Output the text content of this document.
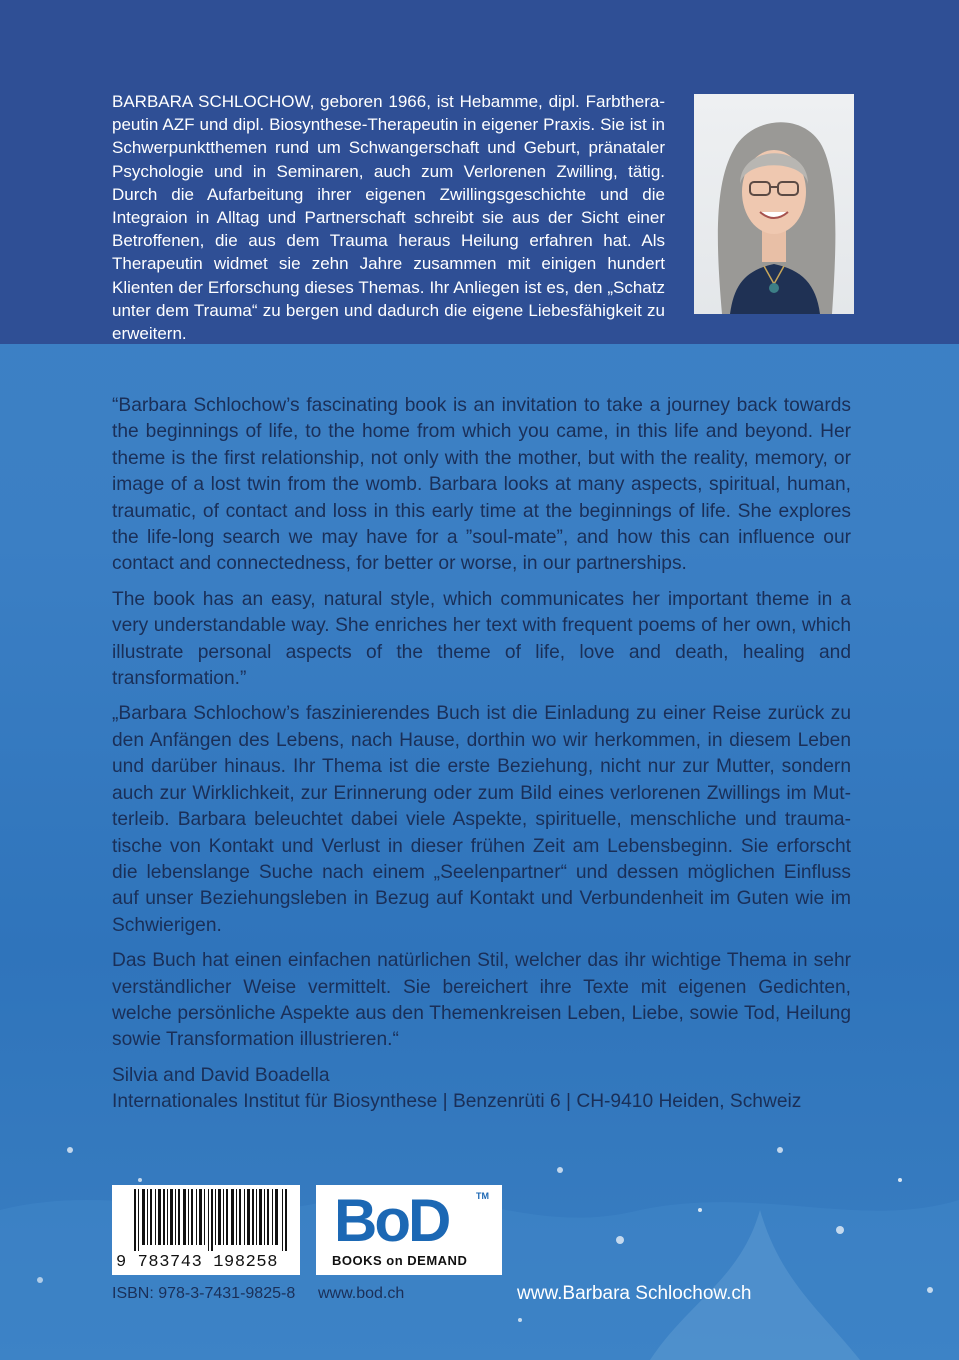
BARBARA SCHLOCHOW, geboren 1966, ist Hebamme, dipl. Farbtherapeutin AZF und dipl. Biosynthese-Therapeutin in eigener Praxis. Sie ist in Schwerpunktthemen rund um Schwangerschaft und Geburt, pränataler Psychologie und in Seminaren, auch zum Verlorenen Zwilling, tätig. Durch die Aufarbeitung ihrer eigenen Zwillingsgeschichte und die Integraion in Alltag und Partnerschaft schreibt sie aus der Sicht einer Betroffenen, die aus dem Trauma heraus Heilung erfahren hat. Als Therapeutin widmet sie zehn Jahre zusammen mit einigen hundert Klienten der Erforschung dieses Themas. Ihr Anliegen ist es, den „Schatz unter dem Trauma“ zu bergen und dadurch die eigene Liebesfähigkeit zu erweitern.

“Barbara Schlochow’s fascinating book is an invitation to take a journey back towards the beginnings of life, to the home from which you came, in this life and beyond. Her theme is the first relationship, not only with the mother, but with the reality, memory, or image of a lost twin from the womb. Barbara looks at many aspects, spiritual, human, traumatic, of contact and loss in this early time at the beginnings of life. She explores the life-long search we may have for a ”soul-mate”, and how this can influence our contact and connectedness, for better or worse, in our partnerships.

The book has an easy, natural style, which communicates her important theme in a very understandable way. She enriches her text with frequent poems of her own, which illustrate personal aspects of the theme of life, love and death, healing and transformation.”

„Barbara Schlochow’s faszinierendes Buch ist die Einladung zu einer Reise zurück zu den Anfängen des Lebens, nach Hause, dorthin wo wir herkommen, in diesem Leben und darüber hinaus. Ihr Thema ist die erste Beziehung, nicht nur zur Mutter, sondern auch zur Wirklichkeit, zur Erinnerung oder zum Bild eines verlorenen Zwillings im Mutterleib. Barbara beleuchtet dabei viele Aspekte, spirituelle, menschliche und traumatische von Kontakt und Verlust in dieser frühen Zeit am Lebensbeginn. Sie erforscht die lebenslange Suche nach einem „Seelenpartner“ und dessen möglichen Einfluss auf unser Beziehungsleben in Bezug auf Kontakt und Verbundenheit im Guten wie im Schwierigen.

Das Buch hat einen einfachen natürlichen Stil, welcher das ihr wichtige Thema in sehr verständlicher Weise vermittelt. Sie bereichert ihre Texte mit eigenen Gedichten, welche persönliche Aspekte aus den Themenkreisen Leben, Liebe, sowie Tod, Heilung sowie Transformation illustrieren.“

Silvia and David Boadella

Internationales Institut für Biosynthese | Benzenrüti 6 | CH-9410 Heiden, Schweiz

9 783743 198258
BoD	TM
BOOKS on DEMAND
ISBN: 978-3-7431-9825-8 www.bod.ch	www.Barbara Schlochow.ch
